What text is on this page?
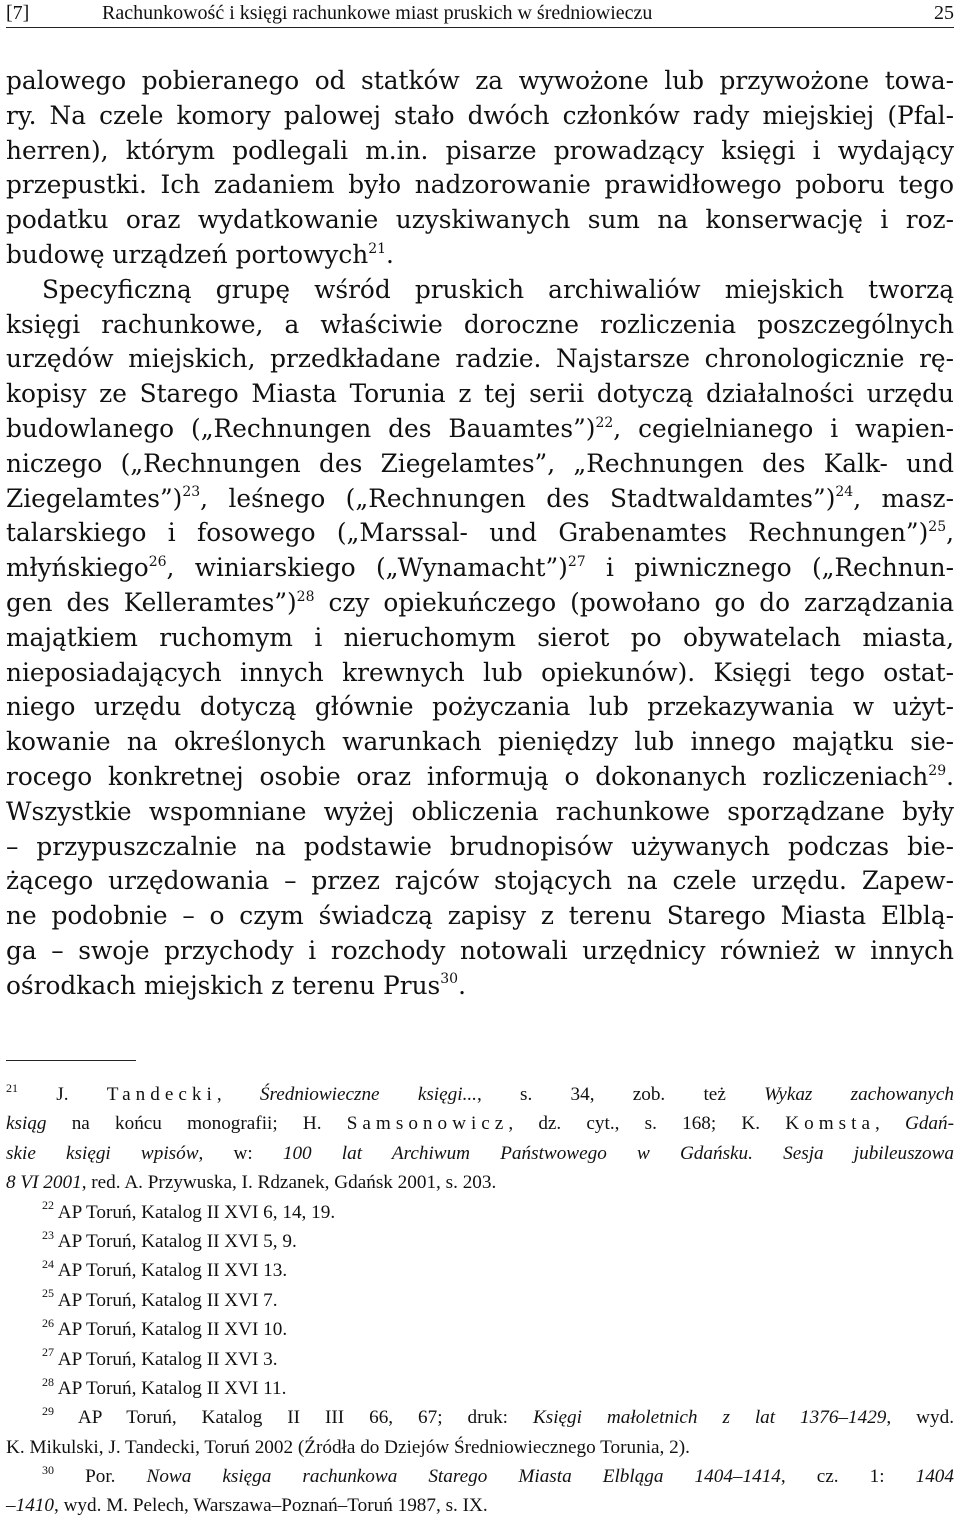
[7]	Rachunkowość i księgi rachunkowe miast pruskich w średniowieczu	25
palowego pobieranego od statków za wywożone lub przywożone towa-
ry. Na czele komory palowej stało dwóch członków rady miejskiej (Pfal-
herren), którym podlegali m.in. pisarze prowadzący księgi i wydający
przepustki. Ich zadaniem było nadzorowanie prawidłowego poboru tego
podatku oraz wydatkowanie uzyskiwanych sum na konserwację i roz-
budowę urządzeń portowych$^{21}$.
Specyficzną grupę wśród pruskich archiwaliów miejskich tworzą
księgi rachunkowe, a właściwie doroczne rozliczenia poszczególnych
urzędów miejskich, przedkładane radzie. Najstarsze chronologicznie rę-
kopisy ze Starego Miasta Torunia z tej serii dotyczą działalności urzędu
budowlanego („Rechnungen des Bauamtes”)$^{22}$, cegielnianego i wapien-
niczego („Rechnungen des Ziegelamtes”, „Rechnungen des Kalk- und
Ziegelamtes”)$^{23}$, leśnego („Rechnungen des Stadtwaldamtes”)$^{24}$, masz-
talarskiego i fosowego („Marssal- und Grabenamtes Rechnungen”)$^{25}$,
młyńskiego$^{26}$, winiarskiego („Wynamacht”)$^{27}$ i piwnicznego („Rechnun-
gen des Kelleramtes”)$^{28}$ czy opiekuńczego (powołano go do zarządzania
majątkiem ruchomym i nieruchomym sierot po obywatelach miasta,
nieposiadających innych krewnych lub opiekunów). Księgi tego ostat-
niego urzędu dotyczą głównie pożyczania lub przekazywania w użyt-
kowanie na określonych warunkach pieniędzy lub innego majątku sie-
rocego konkretnej osobie oraz informują o dokonanych rozliczeniach$^{29}$.
Wszystkie wspomniane wyżej obliczenia rachunkowe sporządzane były
– przypuszczalnie na podstawie brudnopisów używanych podczas bie-
żącego urzędowania – przez rajców stojących na czele urzędu. Zapew-
ne podobnie – o czym świadczą zapisy z terenu Starego Miasta Elblą-
ga – swoje przychody i rozchody notowali urzędnicy również w innych
ośrodkach miejskich z terenu Prus$^{30}$.
$^{21}$ J. Tandecki, Średniowieczne księgi..., s. 34, zob. też Wykaz zachowanych
ksiąg na końcu monografii; H. Samsonowicz, dz. cyt., s. 168; K. Komsta, Gdań-
skie księgi wpisów, w: 100 lat Archiwum Państwowego w Gdańsku. Sesja jubileuszowa
8 VI 2001, red. A. Przywuska, I. Rdzanek, Gdańsk 2001, s. 203.
$^{22}$ AP Toruń, Katalog II XVI 6, 14, 19.
$^{23}$ AP Toruń, Katalog II XVI 5, 9.
$^{24}$ AP Toruń, Katalog II XVI 13.
$^{25}$ AP Toruń, Katalog II XVI 7.
$^{26}$ AP Toruń, Katalog II XVI 10.
$^{27}$ AP Toruń, Katalog II XVI 3.
$^{28}$ AP Toruń, Katalog II XVI 11.
$^{29}$ AP Toruń, Katalog II III 66, 67; druk: Księgi małoletnich z lat 1376–1429, wyd.
K. Mikulski, J. Tandecki, Toruń 2002 (Źródła do Dziejów Średniowiecznego Torunia, 2).
$^{30}$ Por. Nowa księga rachunkowa Starego Miasta Elbląga 1404–1414, cz. 1: 1404
–1410, wyd. M. Pelech, Warszawa–Poznań–Toruń 1987, s. IX.
